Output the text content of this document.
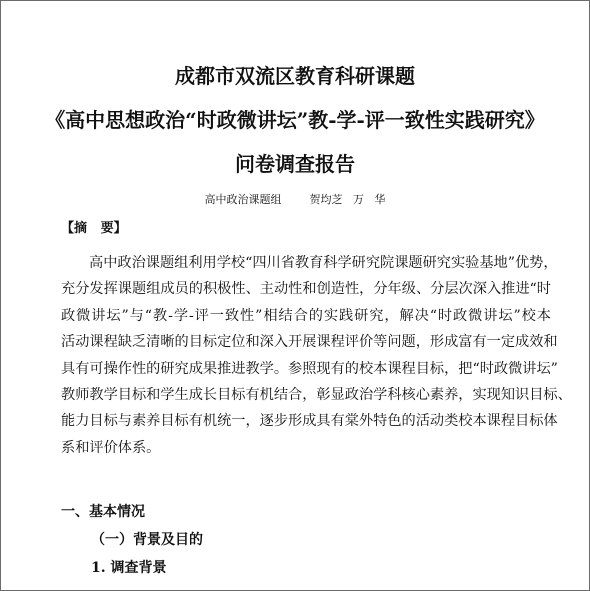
成都市双流区教育科研课题
《高中思想政治“时政微讲坛”教-学-评一致性实践研究》
问卷调查报告
高中政治课题组        贺均芝   万   华
【摘   要】
高中政治课题组利用学校“四川省教育科学研究院课题研究实验基地”优势，
充分发挥课题组成员的积极性、主动性和创造性，分年级、分层次深入推进“时
政微讲坛”与“教-学-评一致性”相结合的实践研究，解决“时政微讲坛”校本
活动课程缺乏清晰的目标定位和深入开展课程评价等问题，形成富有一定成效和
具有可操作性的研究成果推进教学。参照现有的校本课程目标，把“时政微讲坛”
教师教学目标和学生成长目标有机结合，彰显政治学科核心素养，实现知识目标、
能力目标与素养目标有机统一，逐步形成具有棠外特色的活动类校本课程目标体
系和评价体系。
一、基本情况
（一）背景及目的
1. 调查背景
